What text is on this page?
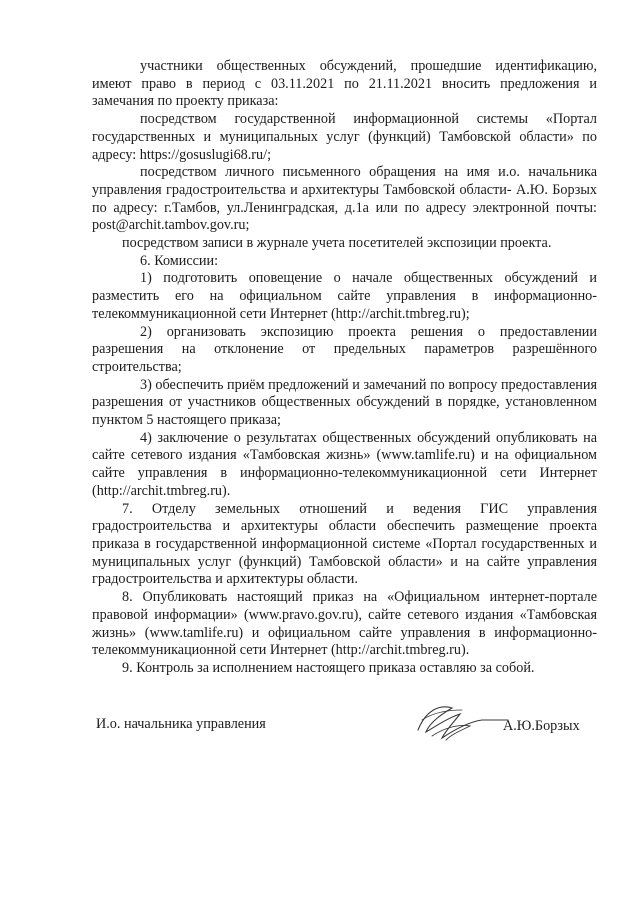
участники общественных обсуждений, прошедшие идентификацию, имеют право в период с 03.11.2021 по 21.11.2021 вносить предложения и замечания по проекту приказа:

посредством государственной информационной системы «Портал государственных и муниципальных услуг (функций) Тамбовской области» по адресу: https://gosuslugi68.ru/;

посредством личного письменного обращения на имя и.о. начальника управления градостроительства и архитектуры Тамбовской области- А.Ю. Борзых по адресу: г.Тамбов, ул.Ленинградская, д.1а или по адресу электронной почты: post@archit.tambov.gov.ru;

посредством записи в журнале учета посетителей экспозиции проекта.

6. Комиссии:

1) подготовить оповещение о начале общественных обсуждений и разместить его на официальном сайте управления в информационно-телекоммуникационной сети Интернет (http://archit.tmbreg.ru);

2) организовать экспозицию проекта решения о предоставлении разрешения на отклонение от предельных параметров разрешённого строительства;

3) обеспечить приём предложений и замечаний по вопросу предоставления разрешения от участников общественных обсуждений в порядке, установленном пунктом 5 настоящего приказа;

4) заключение о результатах общественных обсуждений опубликовать на сайте сетевого издания «Тамбовская жизнь» (www.tamlife.ru) и на официальном сайте управления в информационно-телекоммуникационной сети Интернет (http://archit.tmbreg.ru).

7. Отделу земельных отношений и ведения ГИС управления градостроительства и архитектуры области обеспечить размещение проекта приказа в государственной информационной системе «Портал государственных и муниципальных услуг (функций) Тамбовской области» и на сайте управления градостроительства и архитектуры области.

8. Опубликовать настоящий приказ на «Официальном интернет-портале правовой информации» (www.pravo.gov.ru), сайте сетевого издания «Тамбовская жизнь» (www.tamlife.ru) и официальном сайте управления в информационно-телекоммуникационной сети Интернет (http://archit.tmbreg.ru).

9. Контроль за исполнением настоящего приказа оставляю за собой.

И.о. начальника управления	А.Ю.Борзых
